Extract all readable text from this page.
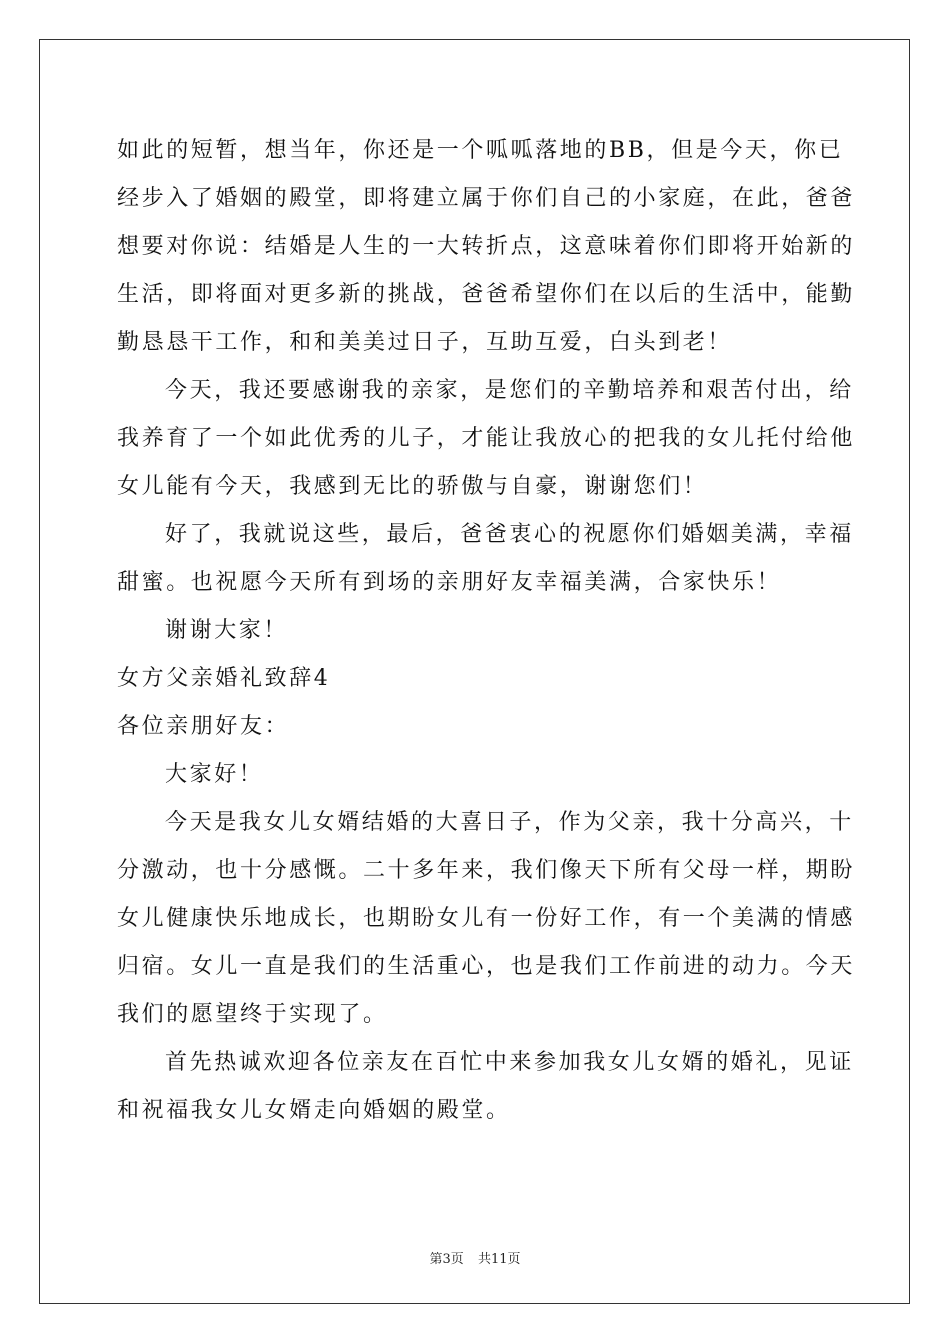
如此的短暂，想当年，你还是一个呱呱落地的BB，但是今天，你已
经步入了婚姻的殿堂，即将建立属于你们自己的小家庭，在此，爸爸
想要对你说：结婚是人生的一大转折点，这意味着你们即将开始新的
生活，即将面对更多新的挑战，爸爸希望你们在以后的生活中，能勤
勤恳恳干工作，和和美美过日子，互助互爱，白头到老！
今天，我还要感谢我的亲家，是您们的辛勤培养和艰苦付出，给
我养育了一个如此优秀的儿子，才能让我放心的把我的女儿托付给他
女儿能有今天，我感到无比的骄傲与自豪，谢谢您们！
好了，我就说这些，最后，爸爸衷心的祝愿你们婚姻美满，幸福
甜蜜。也祝愿今天所有到场的亲朋好友幸福美满，合家快乐！
谢谢大家！
女方父亲婚礼致辞4
各位亲朋好友：
大家好！
今天是我女儿女婿结婚的大喜日子，作为父亲，我十分高兴，十
分激动，也十分感慨。二十多年来，我们像天下所有父母一样，期盼
女儿健康快乐地成长，也期盼女儿有一份好工作，有一个美满的情感
归宿。女儿一直是我们的生活重心，也是我们工作前进的动力。今天
我们的愿望终于实现了。
首先热诚欢迎各位亲友在百忙中来参加我女儿女婿的婚礼，见证
和祝福我女儿女婿走向婚姻的殿堂。
第3页 共11页
